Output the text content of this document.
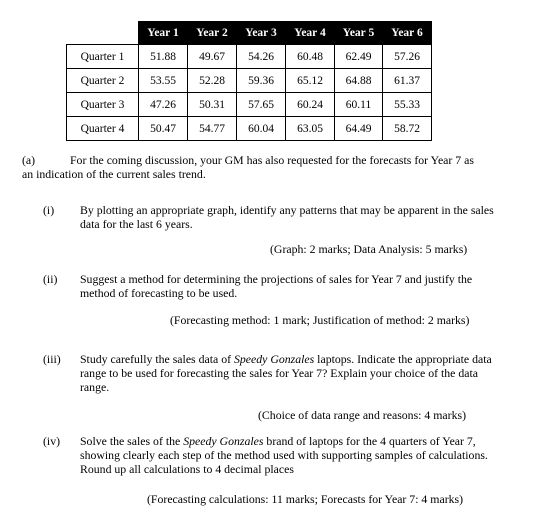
	Year 1	Year 2	Year 3	Year 4	Year 5	Year 6
Quarter 1	51.88	49.67	54.26	60.48	62.49	57.26
Quarter 2	53.55	52.28	59.36	65.12	64.88	61.37
Quarter 3	47.26	50.31	57.65	60.24	60.11	55.33
Quarter 4	50.47	54.77	60.04	63.05	64.49	58.72
(a)	For the coming discussion, your GM has also requested for the forecasts for Year 7 as

an indication of the current sales trend.

(i) By plotting an appropriate graph, identify any patterns that may be apparent in the sales data for the last 6 years.

(Graph: 2 marks; Data Analysis: 5 marks)
(ii) Suggest a method for determining the projections of sales for Year 7 and justify the method of forecasting to be used.

(Forecasting method: 1 mark; Justification of method: 2 marks)
(iii) Study carefully the sales data of Speedy Gonzales laptops. Indicate the appropriate data range to be used for forecasting the sales for Year 7? Explain your choice of the data range.

(Choice of data range and reasons: 4 marks)
(iv) Solve the sales of the Speedy Gonzales brand of laptops for the 4 quarters of Year 7, showing clearly each step of the method used with supporting samples of calculations. Round up all calculations to 4 decimal places

(Forecasting calculations: 11 marks; Forecasts for Year 7: 4 marks)
